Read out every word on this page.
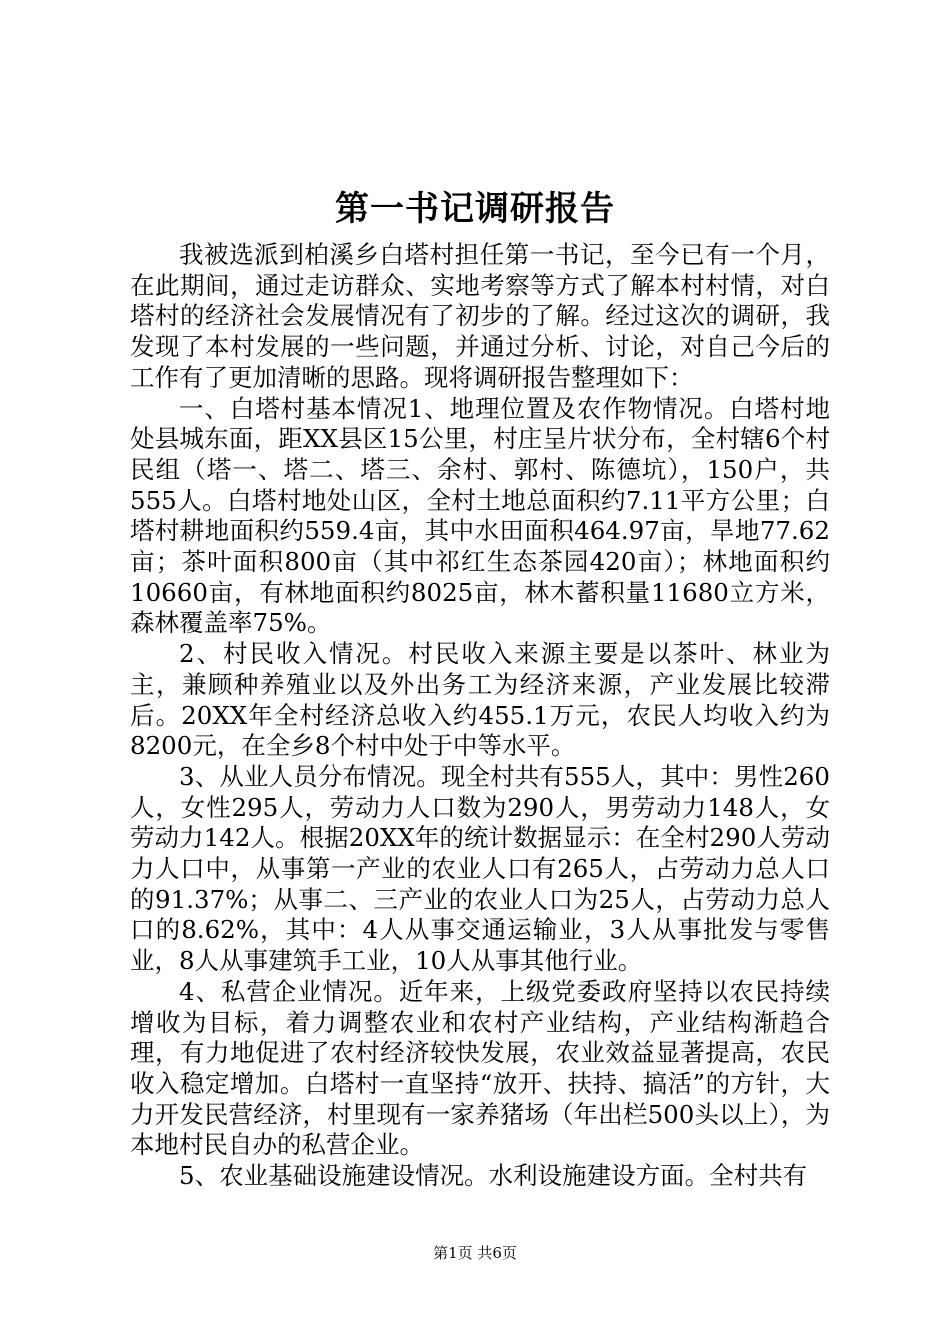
第一书记调研报告

我被选派到柏溪乡白塔村担任第一书记，至今已有一个月，在此期间，通过走访群众、实地考察等方式了解本村村情，对白塔村的经济社会发展情况有了初步的了解。经过这次的调研，我发现了本村发展的一些问题，并通过分析、讨论，对自己今后的工作有了更加清晰的思路。现将调研报告整理如下：

一、白塔村基本情况1、地理位置及农作物情况。白塔村地处县城东面，距XX县区15公里，村庄呈片状分布，全村辖6个村民组（塔一、塔二、塔三、余村、郭村、陈德坑），150户，共555人。白塔村地处山区，全村土地总面积约7.11平方公里；白塔村耕地面积约559.4亩，其中水田面积464.97亩，旱地77.62亩；茶叶面积800亩（其中祁红生态茶园420亩）；林地面积约10660亩，有林地面积约8025亩，林木蓄积量11680立方米，森林覆盖率75%。

2、村民收入情况。村民收入来源主要是以茶叶、林业为主，兼顾种养殖业以及外出务工为经济来源，产业发展比较滞后。20XX年全村经济总收入约455.1万元，农民人均收入约为8200元，在全乡8个村中处于中等水平。

3、从业人员分布情况。现全村共有555人，其中：男性260人，女性295人，劳动力人口数为290人，男劳动力148人，女劳动力142人。根据20XX年的统计数据显示：在全村290人劳动力人口中，从事第一产业的农业人口有265人，占劳动力总人口的91.37%；从事二、三产业的农业人口为25人，占劳动力总人口的8.62%，其中：4人从事交通运输业，3人从事批发与零售业，8人从事建筑手工业，10人从事其他行业。

4、私营企业情况。近年来，上级党委政府坚持以农民持续增收为目标，着力调整农业和农村产业结构，产业结构渐趋合理，有力地促进了农村经济较快发展，农业效益显著提高，农民收入稳定增加。白塔村一直坚持“放开、扶持、搞活”的方针，大力开发民营经济，村里现有一家养猪场（年出栏500头以上），为本地村民自办的私营企业。

5、农业基础设施建设情况。水利设施建设方面。全村共有

第1页 共6页
